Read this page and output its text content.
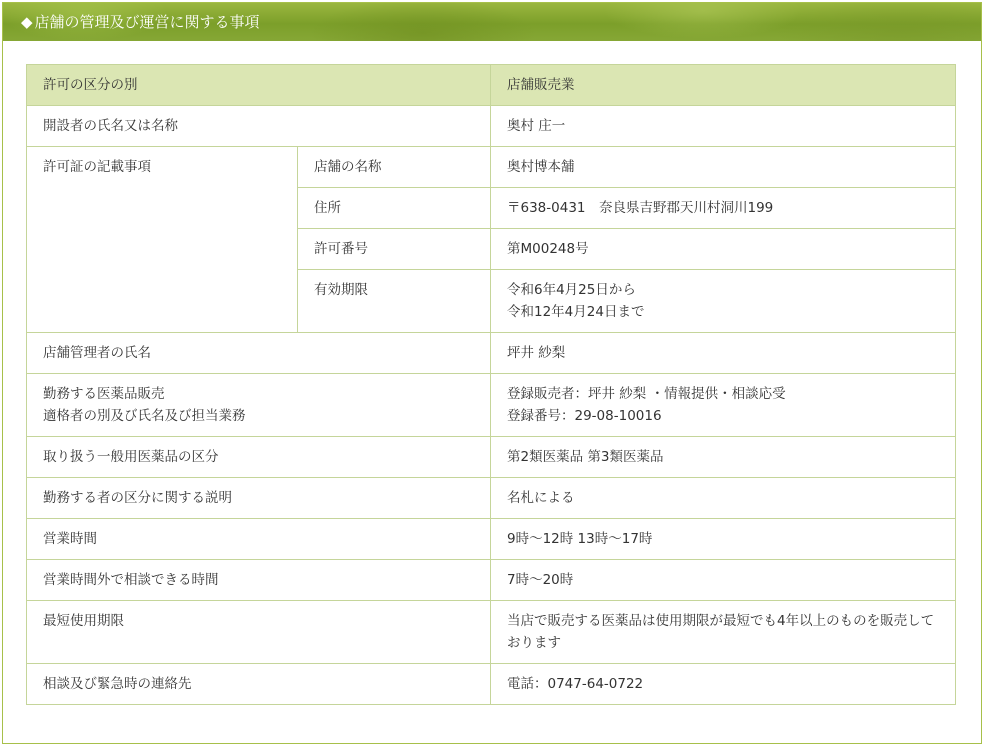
◆ 店舗の管理及び運営に関する事項
許可の区分の別		店舗販売業
開設者の氏名又は名称		奥村 庄一
許可証の記載事項	店舗の名称	奥村博本舗
	住所	〒638-0431　奈良県吉野郡天川村洞川199
	許可番号	第M00248号
	有効期限	令和6年4月25日から
令和12年4月24日まで

店舗管理者の氏名		坪井 紗梨

勤務する医薬品販売
適格者の別及び氏名及び担当業務		登録販売者：坪井 紗梨 ・情報提供・相談応受
登録番号：29-08-10016

取り扱う一般用医薬品の区分		第2類医薬品 第3類医薬品
勤務する者の区分に関する説明		名札による
営業時間		9時～12時 13時～17時
営業時間外で相談できる時間		7時～20時
最短使用期限		当店で販売する医薬品は使用期限が最短でも4年以上のものを販売しております
相談及び緊急時の連絡先		電話：0747-64-0722
